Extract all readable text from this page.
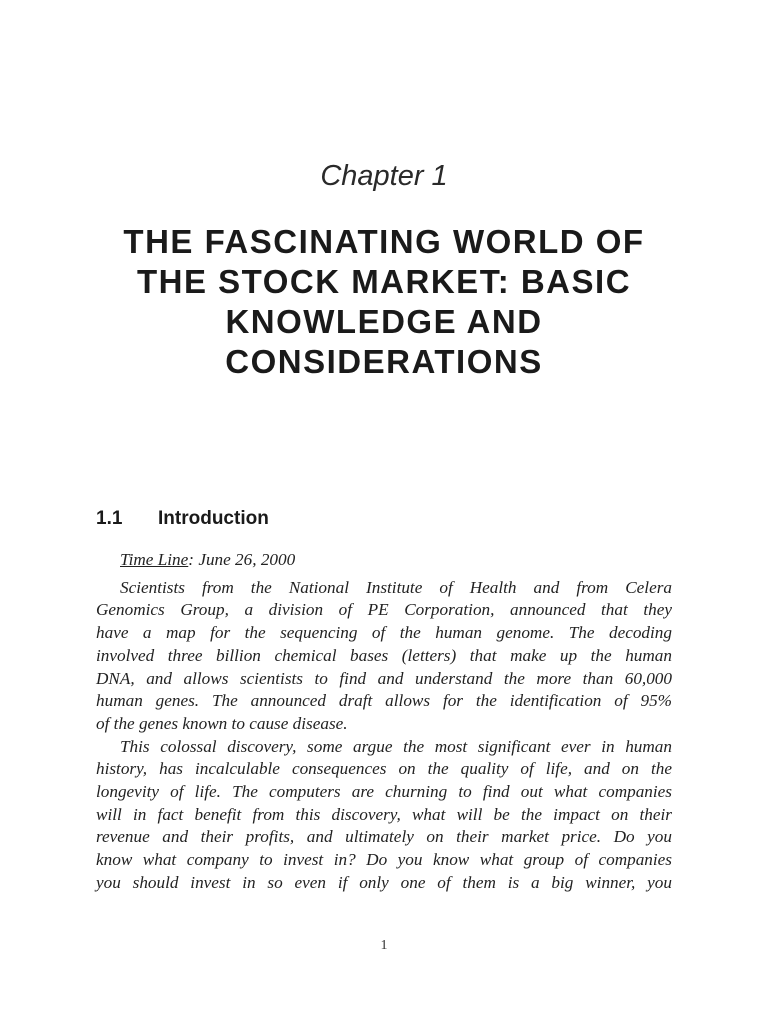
Chapter 1
THE FASCINATING WORLD OF
THE STOCK MARKET: BASIC
KNOWLEDGE AND
CONSIDERATIONS
1.1 Introduction
Time Line: June 26, 2000
Scientists from the National Institute of Health and from Celera
Genomics Group, a division of PE Corporation, announced that they
have a map for the sequencing of the human genome. The decoding
involved three billion chemical bases (letters) that make up the human
DNA, and allows scientists to find and understand the more than 60,000
human genes. The announced draft allows for the identification of 95%
of the genes known to cause disease.
This colossal discovery, some argue the most significant ever in human
history, has incalculable consequences on the quality of life, and on the
longevity of life. The computers are churning to find out what companies
will in fact benefit from this discovery, what will be the impact on their
revenue and their profits, and ultimately on their market price. Do you
know what company to invest in? Do you know what group of companies
you should invest in so even if only one of them is a big winner, you
1
